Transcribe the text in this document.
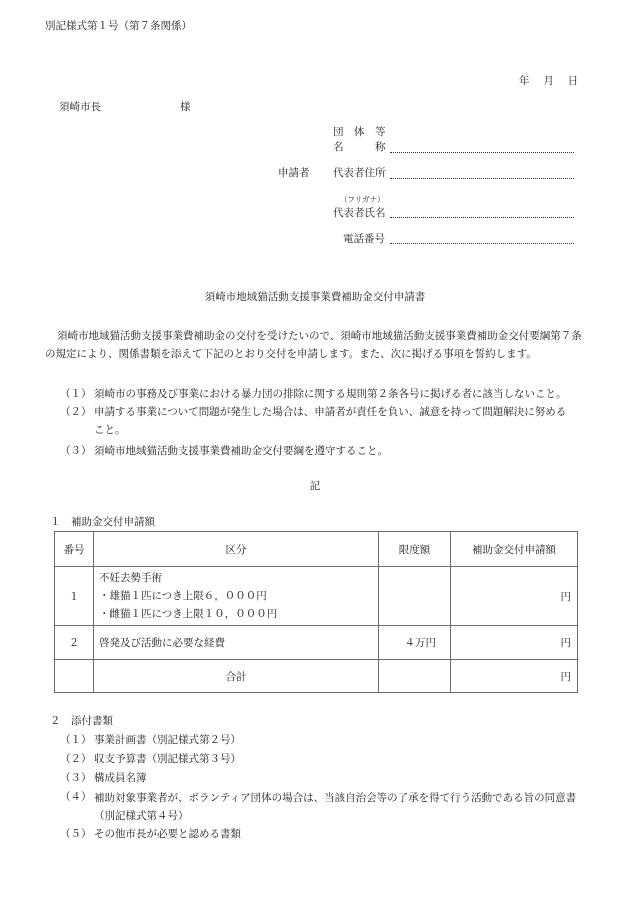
別記様式第１号（第７条関係）
年　 月　 日
須崎市長	様
団　体　等
名　　　称
申請者 代表者住所
（フリガナ）
代表者氏名
電話番号
須崎市地域猫活動支援事業費補助金交付申請書
須崎市地域猫活動支援事業費補助金の交付を受けたいので、須崎市地域猫活動支援事業費補助金交付要綱第７条の規定により、関係書類を添えて下記のとおり交付を申請します。また、次に掲げる事項を誓約します。
（１） 須崎市の事務及び事業における暴力団の排除に関する規則第２条各号に掲げる者に該当しないこと。
（２） 申請する事業について問題が発生した場合は、申請者が責任を負い、誠意を持って問題解決に努めること。
（３） 須崎市地域猫活動支援事業費補助金交付要綱を遵守すること。
記
１　補助金交付申請額
番号	区分	限度額	補助金交付申請額
１	不妊去勢手術
・雄猫１匹につき上限６，０００円
・雌猫１匹につき上限１０，０００円		円
２	啓発及び活動に必要な経費	４万円	円
	合計		円
２　添付書類
（１） 事業計画書（別記様式第２号）
（２） 収支予算書（別記様式第３号）
（３） 構成員名簿
（４） 補助対象事業者が、ボランティア団体の場合は、当該自治会等の了承を得て行う活動である旨の同意書（別記様式第４号）
（５） その他市長が必要と認める書類
